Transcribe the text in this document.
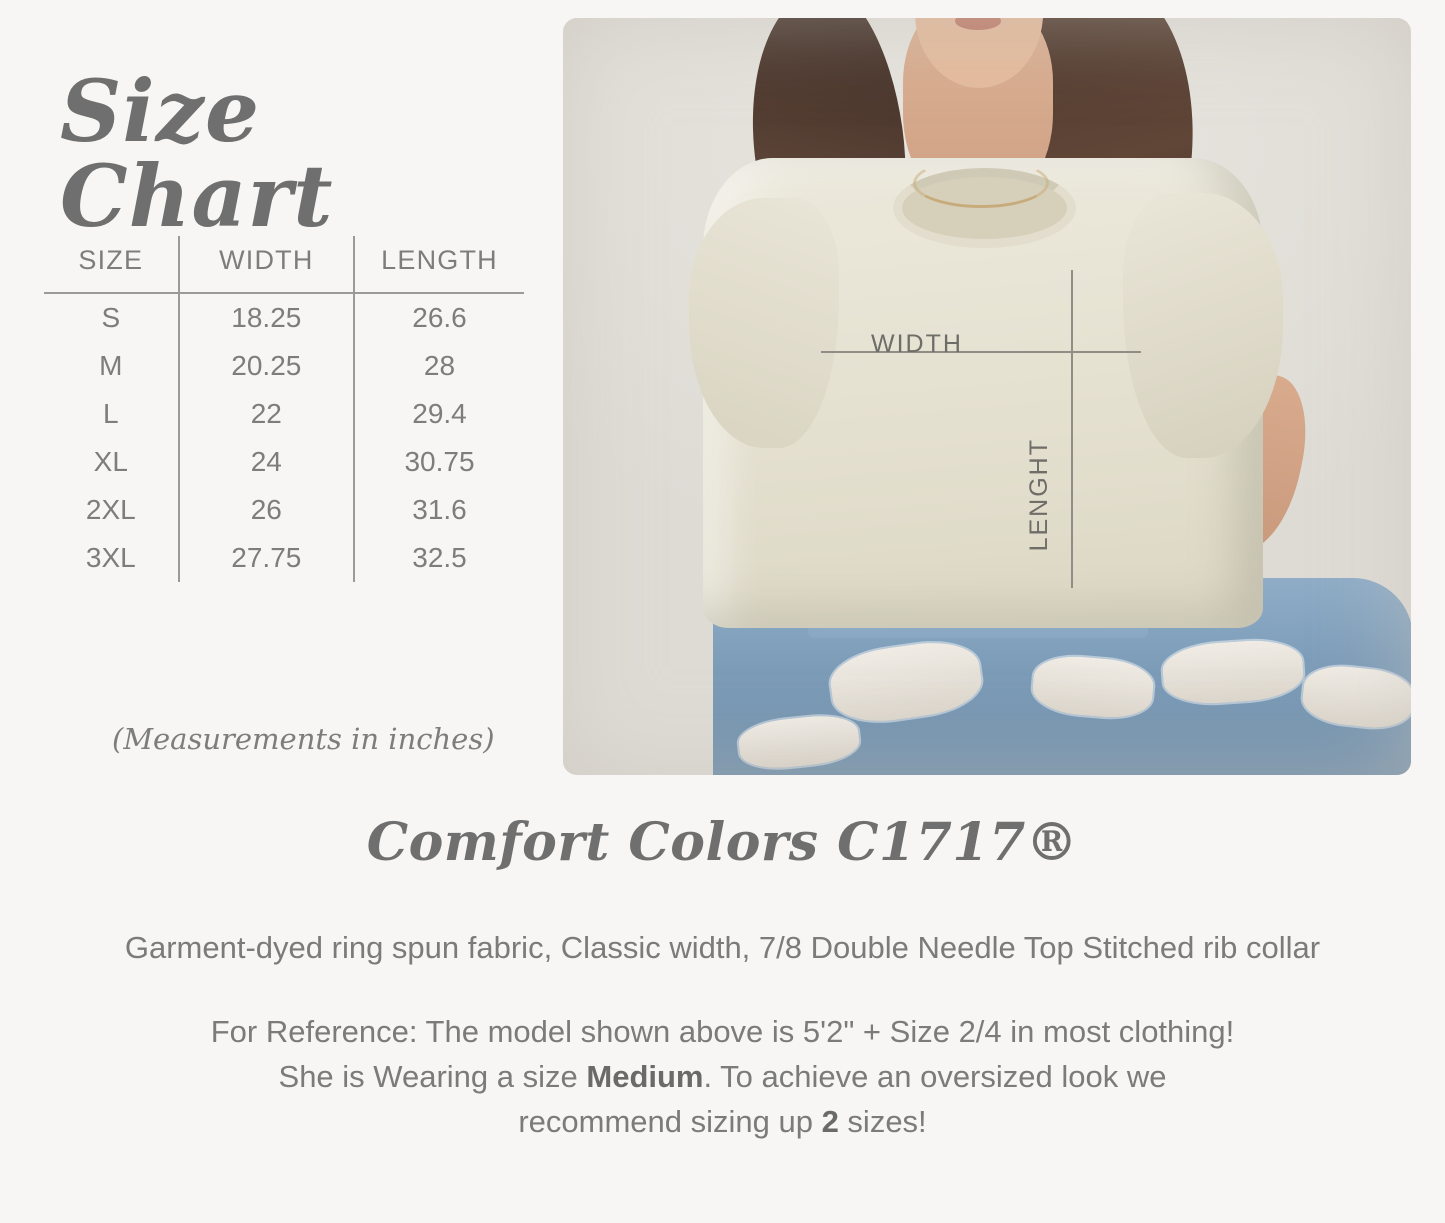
Size Chart
SIZE	WIDTH	LENGTH
S	18.25	26.6
M	20.25	28
L	22	29.4
XL	24	30.75
2XL	26	31.6
3XL	27.75	32.5
(Measurements in inches)
WIDTH
LENGHT
Comfort Colors C1717®
Garment-dyed ring spun fabric, Classic width, 7/8 Double Needle Top Stitched rib collar
For Reference: The model shown above is 5'2" + Size 2/4 in most clothing!
She is Wearing a size Medium. To achieve an oversized look we
recommend sizing up 2 sizes!
